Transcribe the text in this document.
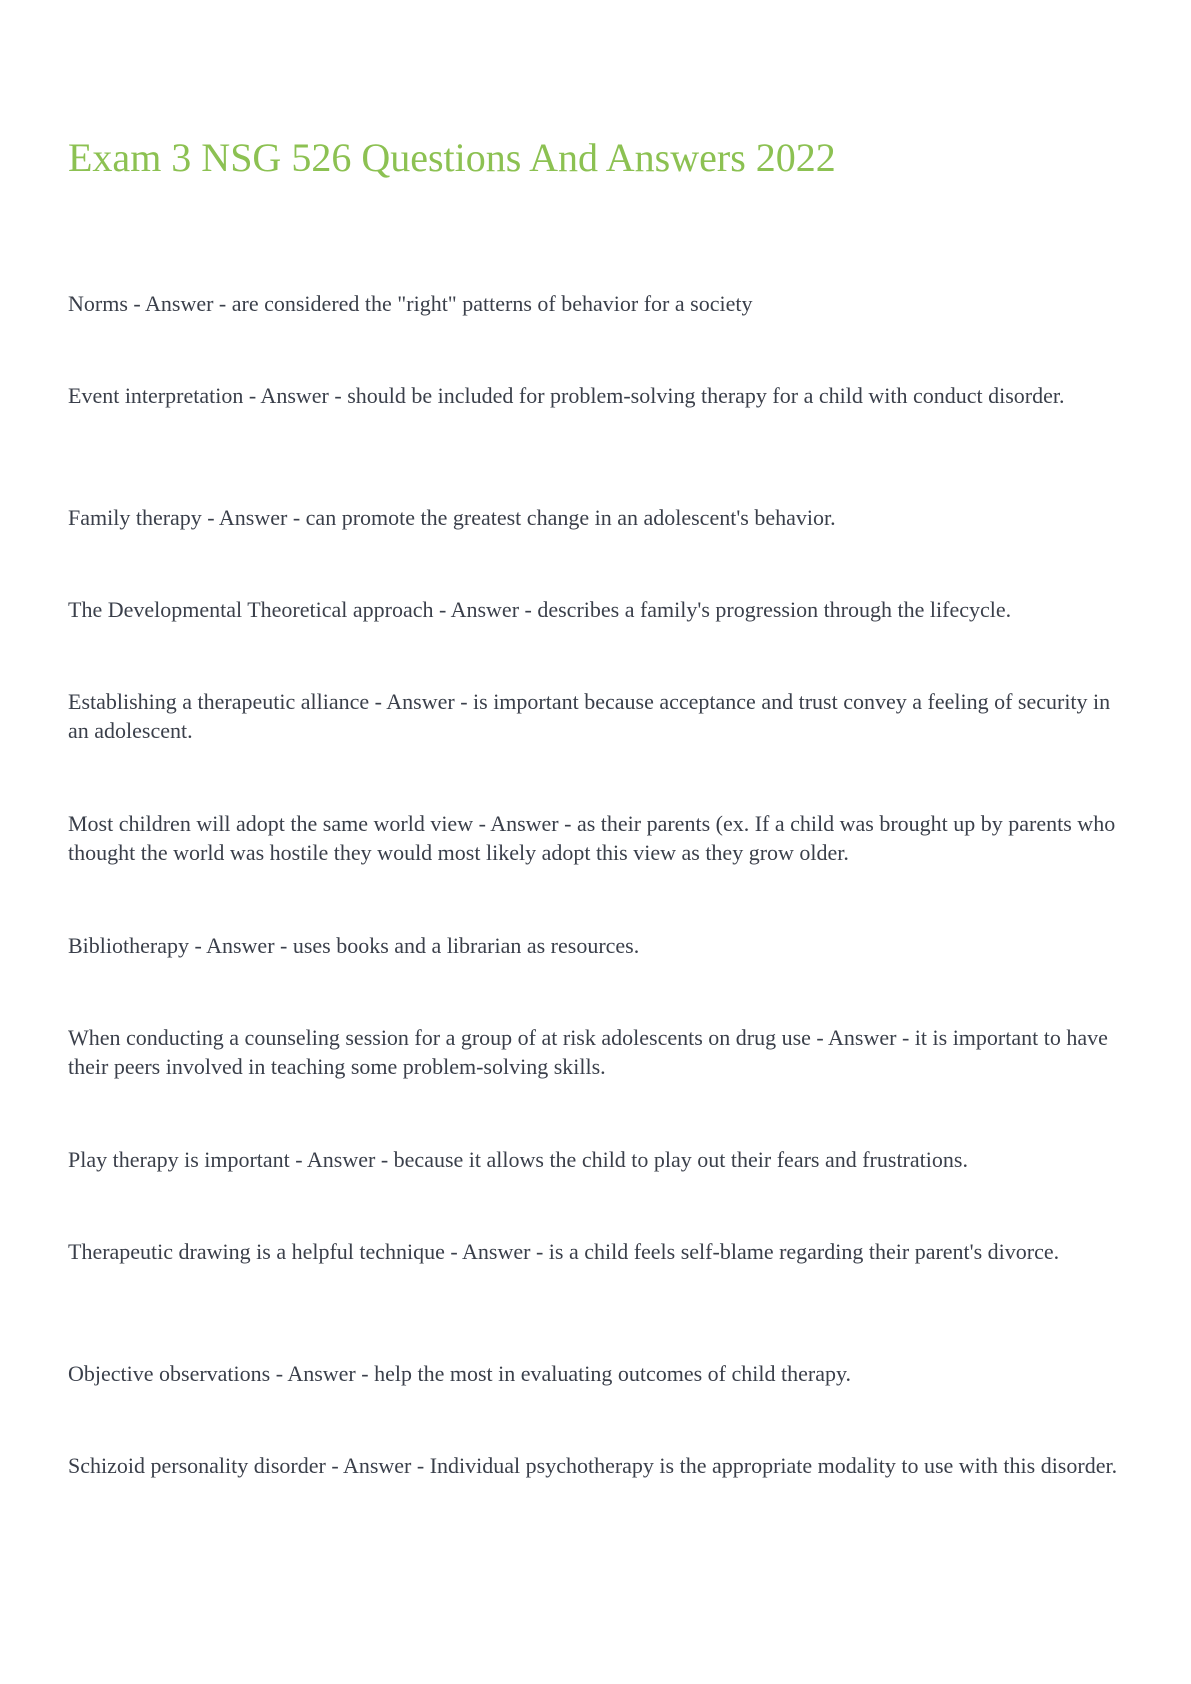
Exam 3 NSG 526 Questions And Answers 2022

Norms - Answer - are considered the "right" patterns of behavior for a society

Event interpretation - Answer - should be included for problem-solving therapy for a child with conduct disorder.

Family therapy - Answer - can promote the greatest change in an adolescent's behavior.

The Developmental Theoretical approach - Answer - describes a family's progression through the lifecycle.

Establishing a therapeutic alliance - Answer - is important because acceptance and trust convey a feeling of security in an adolescent.

Most children will adopt the same world view - Answer - as their parents (ex. If a child was brought up by parents who thought the world was hostile they would most likely adopt this view as they grow older.

Bibliotherapy - Answer - uses books and a librarian as resources.

When conducting a counseling session for a group of at risk adolescents on drug use - Answer - it is important to have their peers involved in teaching some problem-solving skills.

Play therapy is important - Answer - because it allows the child to play out their fears and frustrations.

Therapeutic drawing is a helpful technique - Answer - is a child feels self-blame regarding their parent's divorce.

Objective observations - Answer - help the most in evaluating outcomes of child therapy.

Schizoid personality disorder - Answer - Individual psychotherapy is the appropriate modality to use with this disorder.
